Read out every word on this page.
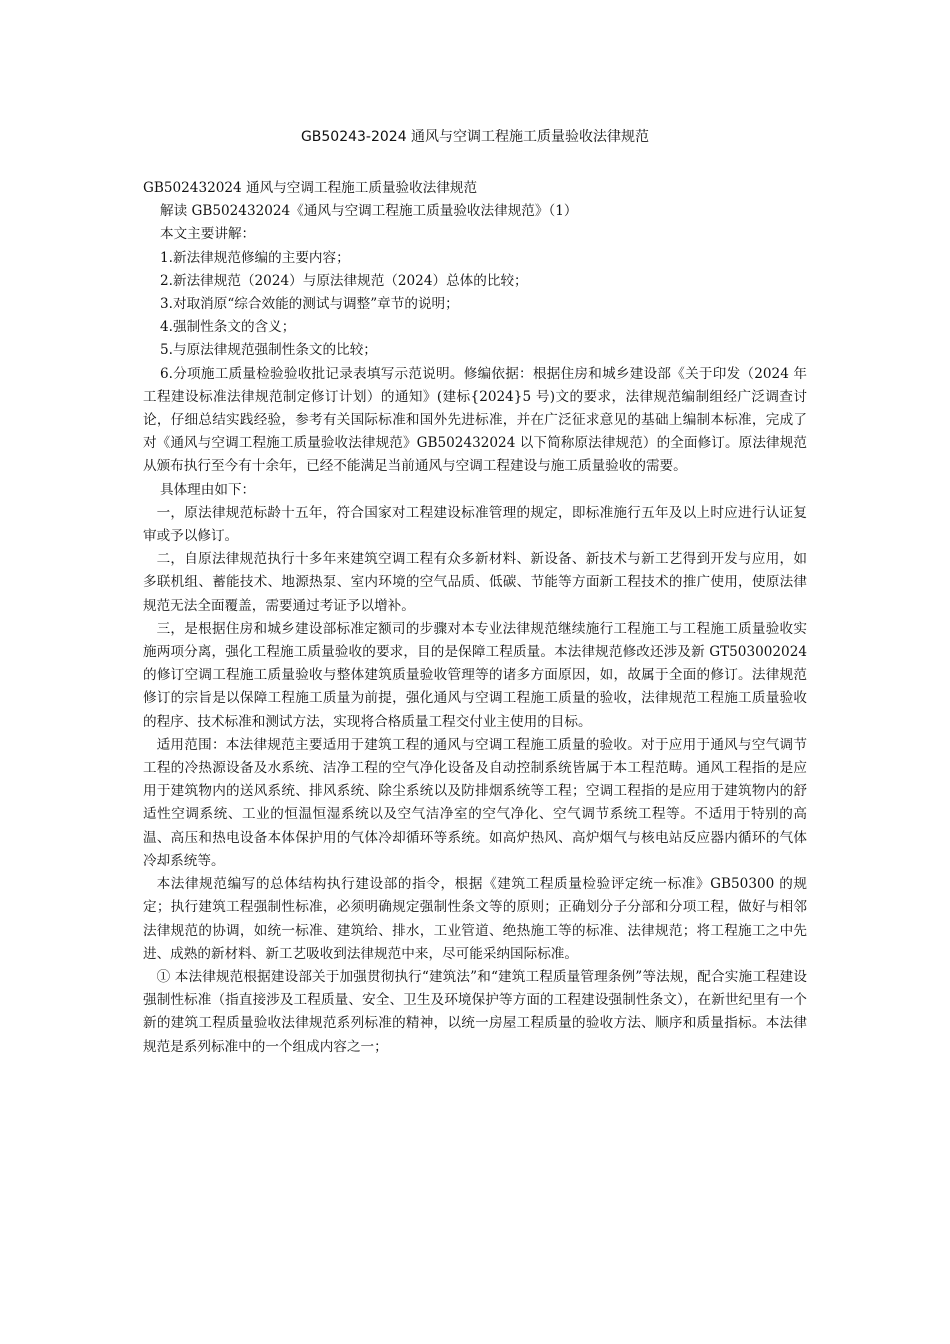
GB50243-2024 通风与空调工程施工质量验收法律规范

GB502432024 通风与空调工程施工质量验收法律规范

解读 GB502432024《通风与空调工程施工质量验收法律规范》（1）

本文主要讲解：

1.新法律规范修编的主要内容；

2.新法律规范（2024）与原法律规范（2024）总体的比较；

3.对取消原“综合效能的测试与调整”章节的说明；

4.强制性条文的含义；

5.与原法律规范强制性条文的比较；

6.分项施工质量检验验收批记录表填写示范说明。修编依据：根据住房和城乡建设部《关于印发（2024 年工程建设标准法律规范制定修订计划）的通知》(建标{2024}5 号)文的要求，法律规范编制组经广泛调查讨论，仔细总结实践经验，参考有关国际标准和国外先进标准，并在广泛征求意见的基础上编制本标准，完成了对《通风与空调工程施工质量验收法律规范》GB502432024 以下简称原法律规范）的全面修订。原法律规范从颁布执行至今有十余年，已经不能满足当前通风与空调工程建设与施工质量验收的需要。

具体理由如下：

一，原法律规范标龄十五年，符合国家对工程建设标准管理的规定，即标准施行五年及以上时应进行认证复审或予以修订。

二，自原法律规范执行十多年来建筑空调工程有众多新材料、新设备、新技术与新工艺得到开发与应用，如多联机组、蓄能技术、地源热泵、室内环境的空气品质、低碳、节能等方面新工程技术的推广使用，使原法律规范无法全面覆盖，需要通过考证予以增补。

三，是根据住房和城乡建设部标准定额司的步骤对本专业法律规范继续施行工程施工与工程施工质量验收实施两项分离，强化工程施工质量验收的要求，目的是保障工程质量。本法律规范修改还涉及新 GT503002024 的修订空调工程施工质量验收与整体建筑质量验收管理等的诸多方面原因，如，故属于全面的修订。法律规范修订的宗旨是以保障工程施工质量为前提，强化通风与空调工程施工质量的验收，法律规范工程施工质量验收的程序、技术标准和测试方法，实现将合格质量工程交付业主使用的目标。

适用范围：本法律规范主要适用于建筑工程的通风与空调工程施工质量的验收。对于应用于通风与空气调节工程的冷热源设备及水系统、洁净工程的空气净化设备及自动控制系统皆属于本工程范畴。通风工程指的是应用于建筑物内的送风系统、排风系统、除尘系统以及防排烟系统等工程；空调工程指的是应用于建筑物内的舒适性空调系统、工业的恒温恒湿系统以及空气洁净室的空气净化、空气调节系统工程等。不适用于特别的高温、高压和热电设备本体保护用的气体冷却循环等系统。如高炉热风、高炉烟气与核电站反应器内循环的气体冷却系统等。

本法律规范编写的总体结构执行建设部的指令，根据《建筑工程质量检验评定统一标准》GB50300 的规定；执行建筑工程强制性标准，必须明确规定强制性条文等的原则；正确划分子分部和分项工程，做好与相邻法律规范的协调，如统一标准、建筑给、排水，工业管道、绝热施工等的标准、法律规范；将工程施工之中先进、成熟的新材料、新工艺吸收到法律规范中来，尽可能采纳国际标准。

① 本法律规范根据建设部关于加强贯彻执行“建筑法”和“建筑工程质量管理条例”等法规，配合实施工程建设强制性标准（指直接涉及工程质量、安全、卫生及环境保护等方面的工程建设强制性条文），在新世纪里有一个新的建筑工程质量验收法律规范系列标准的精神，以统一房屋工程质量的验收方法、顺序和质量指标。本法律规范是系列标准中的一个组成内容之一；
